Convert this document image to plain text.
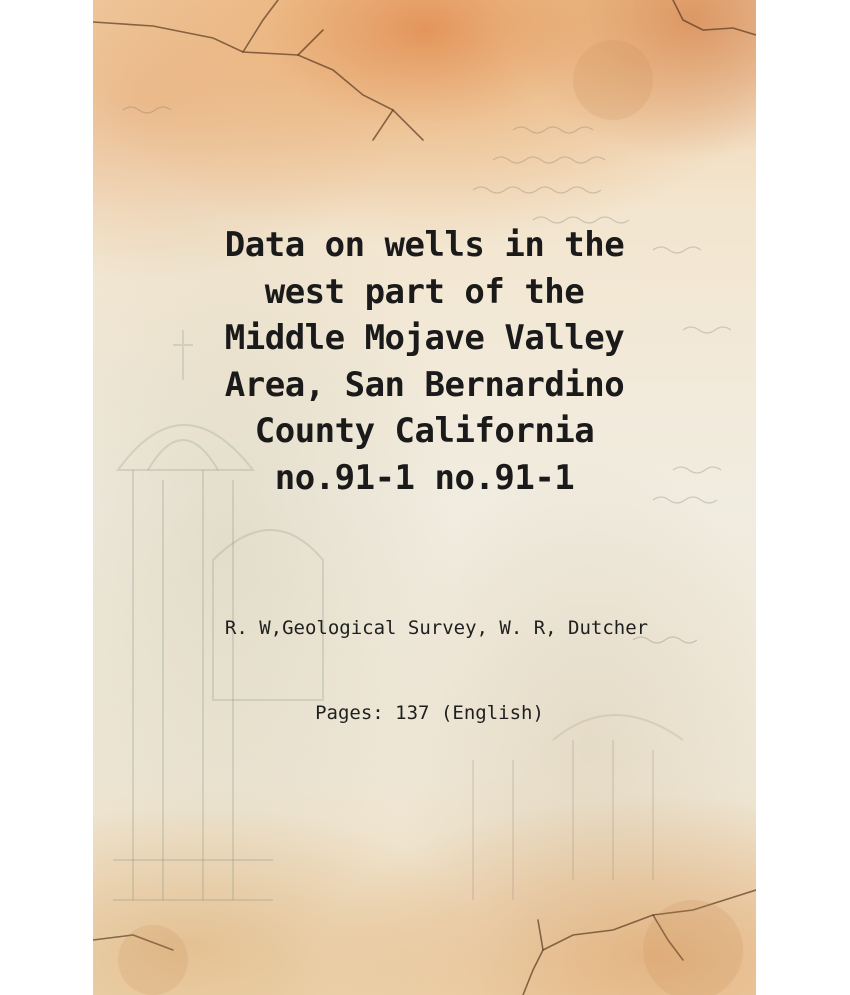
Data on wells in the
west part of the
Middle Mojave Valley
Area, San Bernardino
County California
no.91-1 no.91-1
R. W,Geological Survey, W. R, Dutcher
Pages: 137 (English)
